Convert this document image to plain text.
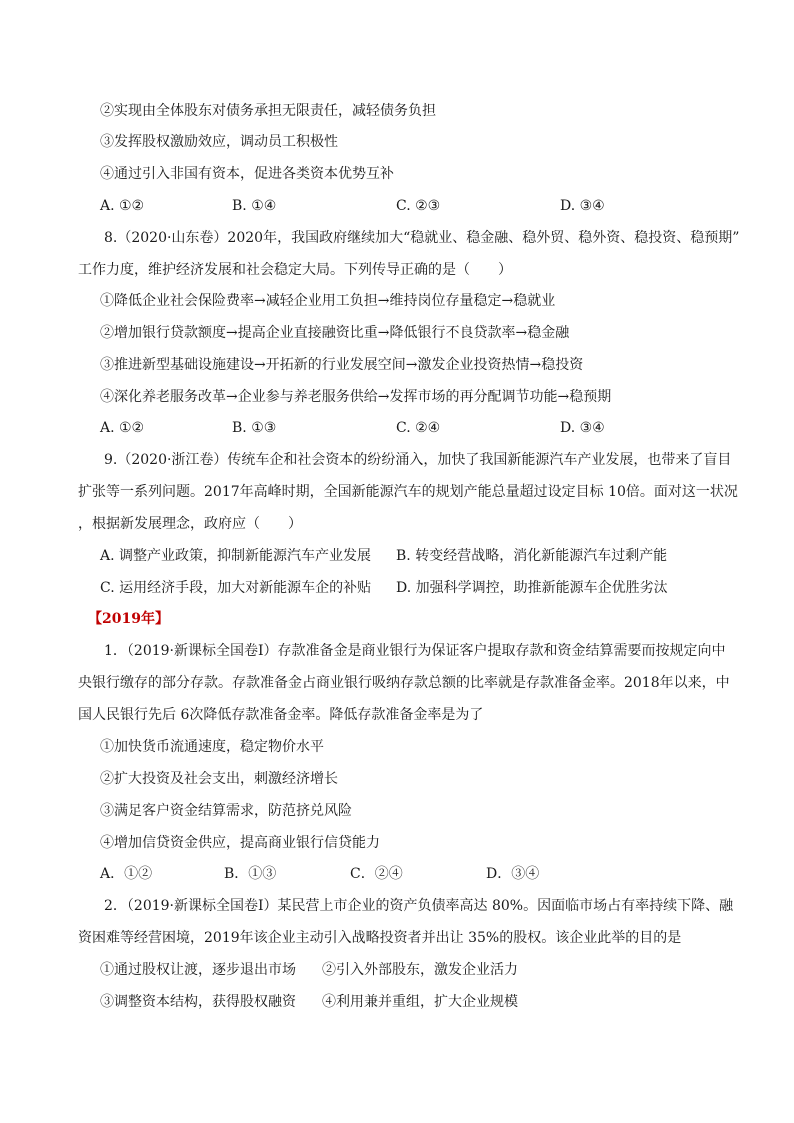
②实现由全体股东对债务承担无限责任，减轻债务负担
③发挥股权激励效应，调动员工积极性
④通过引入非国有资本，促进各类资本优势互补
A. ①②	B. ①④	C. ②③	D. ③④
8.（2020·山东卷）2020年，我国政府继续加大“稳就业、稳金融、稳外贸、稳外资、稳投资、稳预期”
工作力度，维护经济发展和社会稳定大局。下列传导正确的是（　　）
①降低企业社会保险费率→减轻企业用工负担→维持岗位存量稳定→稳就业
②增加银行贷款额度→提高企业直接融资比重→降低银行不良贷款率→稳金融
③推进新型基础设施建设→开拓新的行业发展空间→激发企业投资热情→稳投资
④深化养老服务改革→企业参与养老服务供给→发挥市场的再分配调节功能→稳预期
A. ①②	B. ①③	C. ②④	D. ③④
9.（2020·浙江卷）传统车企和社会资本的纷纷涌入，加快了我国新能源汽车产业发展，也带来了盲目
扩张等一系列问题。2017年高峰时期，全国新能源汽车的规划产能总量超过设定目标 10倍。面对这一状况
，根据新发展理念，政府应（　　）
A. 调整产业政策，抑制新能源汽车产业发展 B. 转变经营战略，消化新能源汽车过剩产能
C. 运用经济手段，加大对新能源车企的补贴 D. 加强科学调控，助推新能源车企优胜劣汰
【2019年】
1．（2019·新课标全国卷Ⅰ）存款准备金是商业银行为保证客户提取存款和资金结算需要而按规定向中
央银行缴存的部分存款。存款准备金占商业银行吸纳存款总额的比率就是存款准备金率。2018年以来，中
国人民银行先后 6次降低存款准备金率。降低存款准备金率是为了
①加快货币流通速度，稳定物价水平
②扩大投资及社会支出，刺激经济增长
③满足客户资金结算需求，防范挤兑风险
④增加信贷资金供应，提高商业银行信贷能力
A．①②	B．①③	C．②④	D．③④
2．（2019·新课标全国卷Ⅰ）某民营上市企业的资产负债率高达 80%。因面临市场占有率持续下降、融
资困难等经营困境，2019年该企业主动引入战略投资者并出让 35%的股权。该企业此举的目的是
①通过股权让渡，逐步退出市场 ②引入外部股东，激发企业活力
③调整资本结构，获得股权融资 ④利用兼并重组，扩大企业规模
